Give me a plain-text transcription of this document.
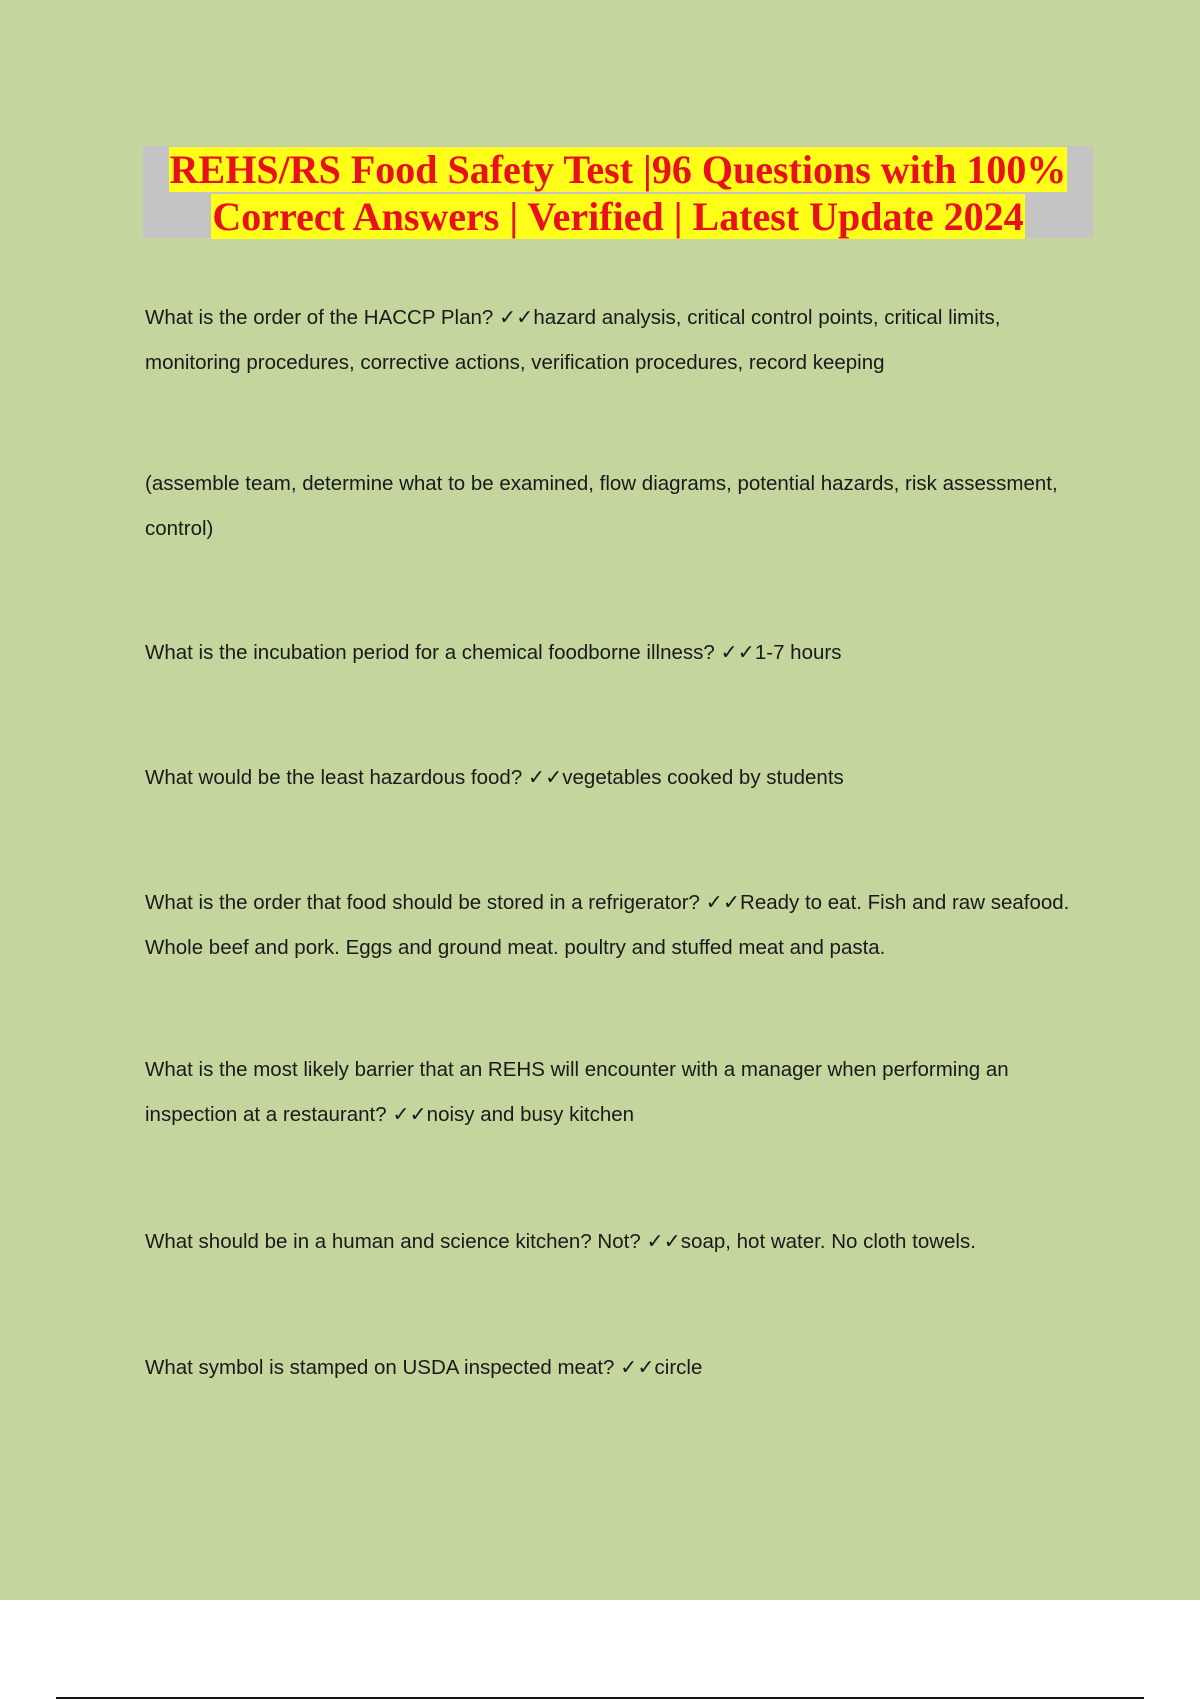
REHS/RS Food Safety Test |96 Questions with 100%
Correct Answers | Verified | Latest Update 2024

What is the order of the HACCP Plan? ✓✓hazard analysis, critical control points, critical limits, monitoring procedures, corrective actions, verification procedures, record keeping

(assemble team, determine what to be examined, flow diagrams, potential hazards, risk assessment, control)

What is the incubation period for a chemical foodborne illness? ✓✓1-7 hours

What would be the least hazardous food? ✓✓vegetables cooked by students

What is the order that food should be stored in a refrigerator? ✓✓Ready to eat. Fish and raw seafood. Whole beef and pork. Eggs and ground meat. poultry and stuffed meat and pasta.

What is the most likely barrier that an REHS will encounter with a manager when performing an inspection at a restaurant? ✓✓noisy and busy kitchen

What should be in a human and science kitchen? Not? ✓✓soap, hot water. No cloth towels.

What symbol is stamped on USDA inspected meat? ✓✓circle
